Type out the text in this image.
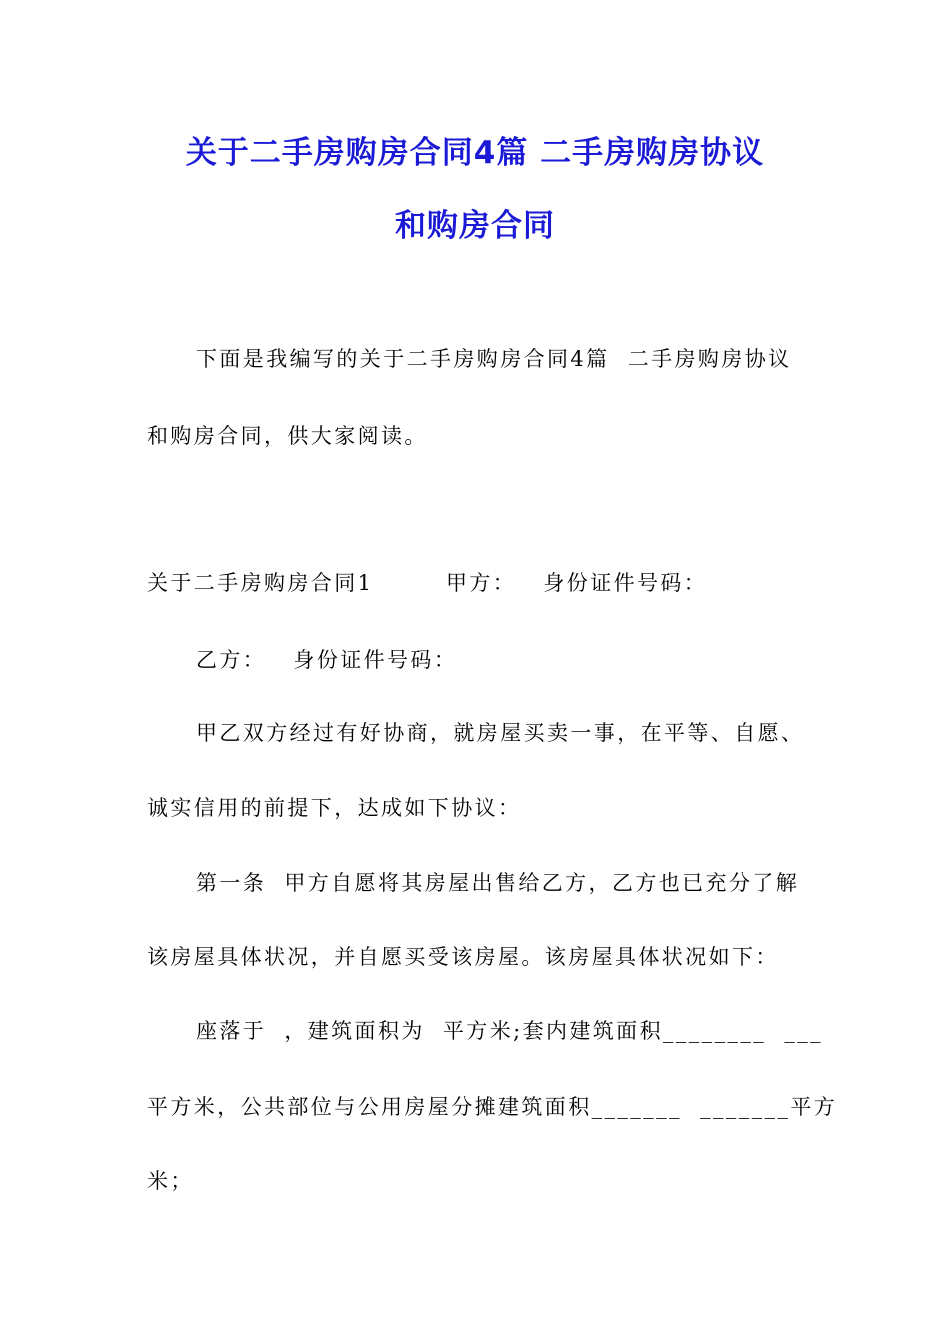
关于二手房购房合同4篇 二手房购房协议
和购房合同

下面是我编写的关于二手房购房合同4篇  二手房购房协议

和购房合同，供大家阅读。

关于二手房购房合同1        甲方：   身份证件号码：

乙方：   身份证件号码：

甲乙双方经过有好协商，就房屋买卖一事，在平等、自愿、

诚实信用的前提下，达成如下协议：

第一条  甲方自愿将其房屋出售给乙方，乙方也已充分了解

该房屋具体状况，并自愿买受该房屋。该房屋具体状况如下：

座落于  ，建筑面积为  平方米;套内建筑面积________  ___

平方米，公共部位与公用房屋分摊建筑面积_______  _______平方

米；
